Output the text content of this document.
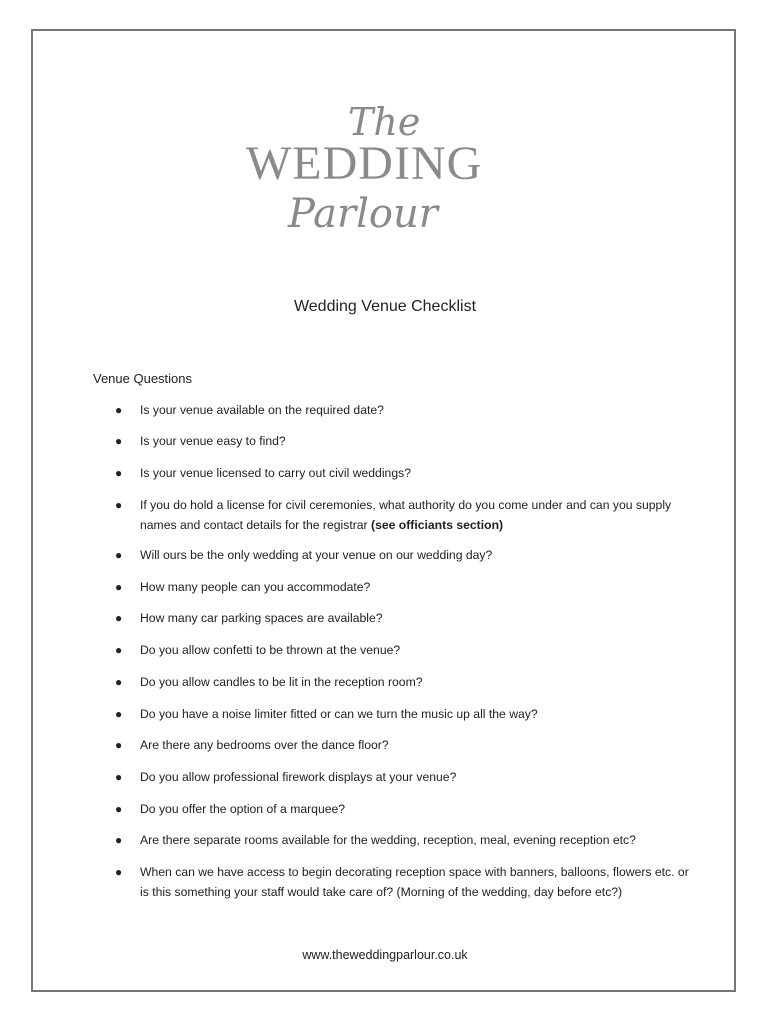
The
WEDDING
Parlour
Wedding Venue Checklist
Venue Questions
● Is your venue available on the required date?
● Is your venue easy to find?
● Is your venue licensed to carry out civil weddings?
● If you do hold a license for civil ceremonies, what authority do you come under and can you supply names and contact details for the registrar (see officiants section)
● Will ours be the only wedding at your venue on our wedding day?
● How many people can you accommodate?
● How many car parking spaces are available?
● Do you allow confetti to be thrown at the venue?
● Do you allow candles to be lit in the reception room?
● Do you have a noise limiter fitted or can we turn the music up all the way?
● Are there any bedrooms over the dance floor?
● Do you allow professional firework displays at your venue?
● Do you offer the option of a marquee?
● Are there separate rooms available for the wedding, reception, meal, evening reception etc?
● When can we have access to begin decorating reception space with banners, balloons, flowers etc. or is this something your staff would take care of? (Morning of the wedding, day before etc?)
www.theweddingparlour.co.uk
